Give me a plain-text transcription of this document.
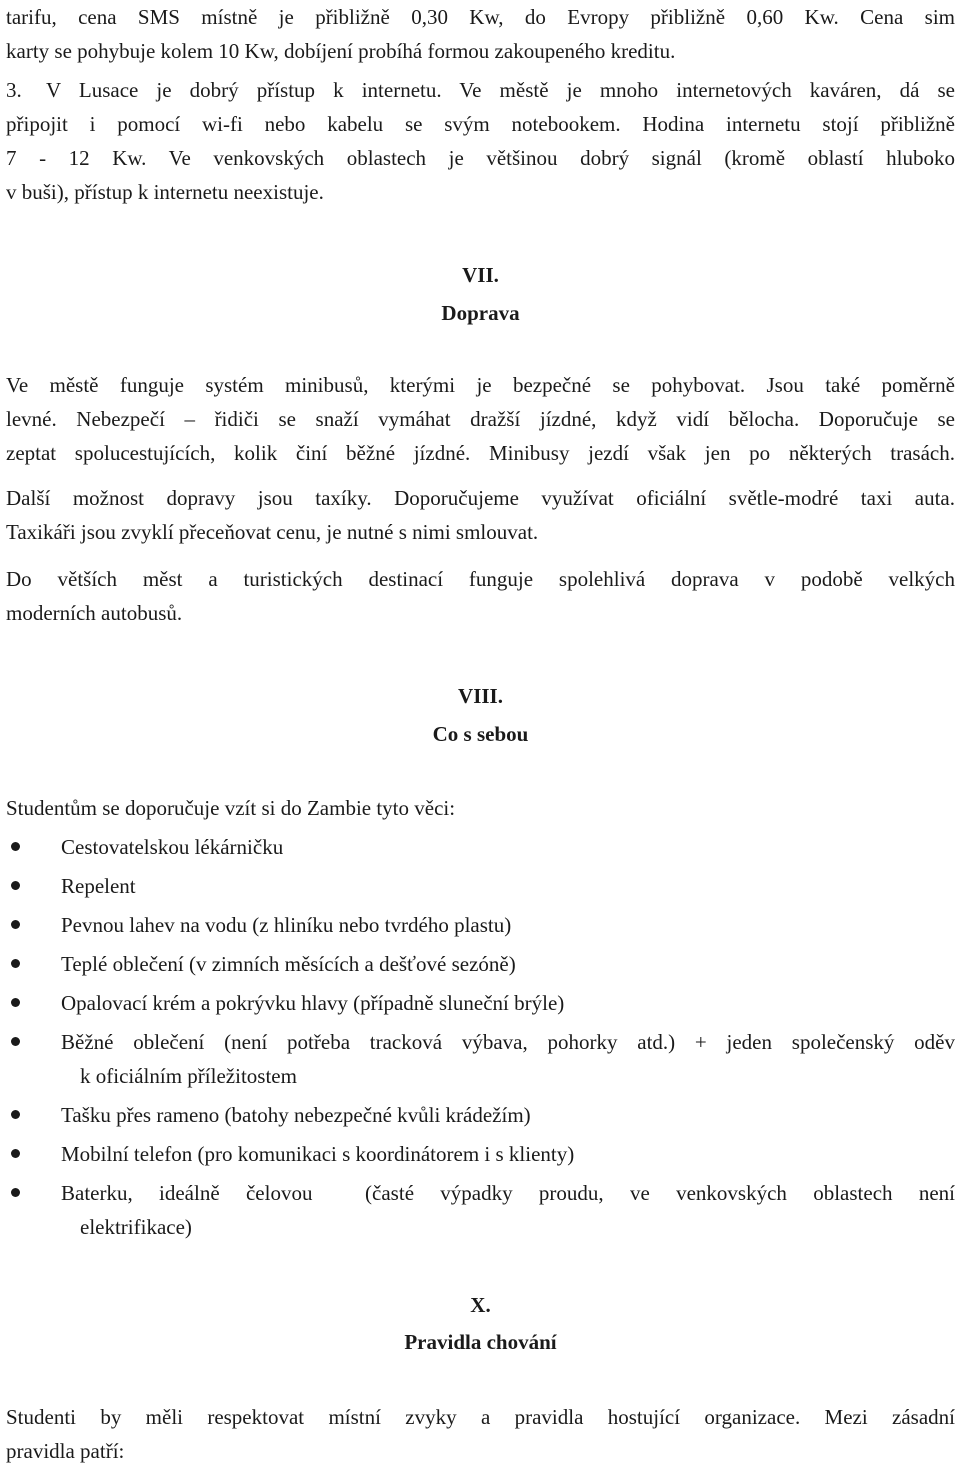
tarifu, cena SMS místně je přibližně 0,30 Kw, do Evropy přibližně 0,60 Kw. Cena sim

karty se pohybuje kolem 10 Kw, dobíjení probíhá formou zakoupeného kreditu.

3.	V Lusace je dobrý přístup k internetu. Ve městě je mnoho internetových kaváren, dá se

připojit i pomocí wi-fi nebo kabelu se svým notebookem. Hodina internetu stojí přibližně

7 - 12 Kw. Ve venkovských oblastech je většinou dobrý signál (kromě oblastí hluboko

v buši), přístup k internetu neexistuje.

VII.

Doprava

Ve městě funguje systém minibusů, kterými je bezpečné se pohybovat. Jsou také poměrně

levné. Nebezpečí – řidiči se snaží vymáhat dražší jízdné, když vidí bělocha. Doporučuje se

zeptat spolucestujících, kolik činí běžné jízdné. Minibusy jezdí však jen po některých trasách.

Další možnost dopravy jsou taxíky. Doporučujeme využívat oficiální světle-modré taxi auta.

Taxikáři jsou zvyklí přeceňovat cenu, je nutné s nimi smlouvat.

Do větších měst a turistických destinací funguje spolehlivá doprava v podobě velkých

moderních autobusů.

VIII.

Co s sebou

Studentům se doporučuje vzít si do Zambie tyto věci:

Cestovatelskou lékárničku
Repelent
Pevnou lahev na vodu (z hliníku nebo tvrdého plastu)
Teplé oblečení (v zimních měsících a dešťové sezóně)
Opalovací krém a pokrývku hlavy (případně sluneční brýle)
Běžné oblečení (není potřeba tracková výbava, pohorky atd.) + jeden společenský oděv
k oficiálním příležitostem
Tašku přes rameno (batohy nebezpečné kvůli krádežím)
Mobilní telefon (pro komunikaci s koordinátorem i s klienty)
Baterku, ideálně čelovou  (časté výpadky proudu, ve venkovských oblastech není
elektrifikace)

X.

Pravidla chování

Studenti by měli respektovat místní zvyky a pravidla hostující organizace. Mezi zásadní

pravidla patří:
